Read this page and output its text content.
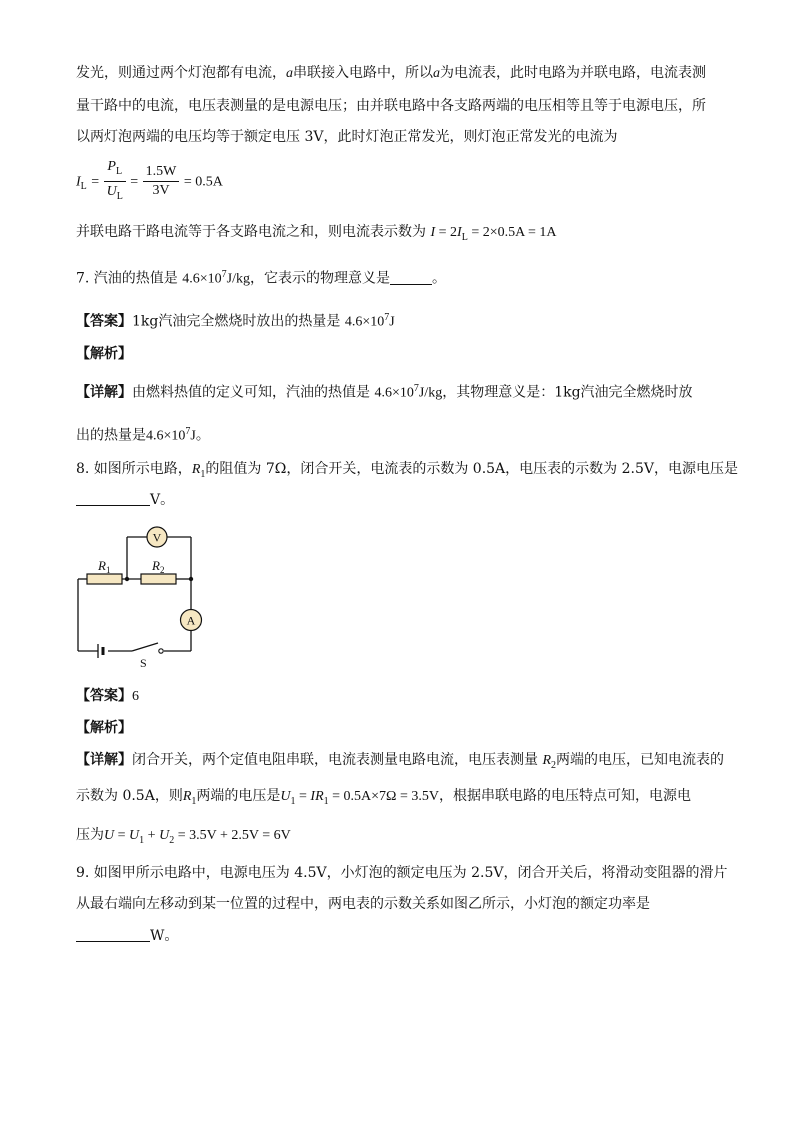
发光，则通过两个灯泡都有电流，a串联接入电路中，所以a为电流表，此时电路为并联电路，电流表测
量干路中的电流，电压表测量的是电源电压；由并联电路中各支路两端的电压相等且等于电源电压，所
以两灯泡两端的电压均等于额定电压 3V，此时灯泡正常发光，则灯泡正常发光的电流为
$I_L = \frac{P_L}{U_L} = \frac{1.5W}{3V} = 0.5A$
并联电路干路电流等于各支路电流之和，则电流表示数为 $I = 2I_L = 2\times 0.5A = 1A$
7. 汽油的热值是 $4.6\times 10^7J/kg$，它表示的物理意义是	。
【答案】1kg汽油完全燃烧时放出的热量是 $4.6\times 10^7J$
【解析】
【详解】由燃料热值的定义可知，汽油的热值是 $4.6\times 10^7J/kg$，其物理意义是：1kg汽油完全燃烧时放
出的热量是$4.6\times 10^7J$。
8. 如图所示电路，$R_1$的阻值为 7Ω，闭合开关，电流表的示数为 0.5A，电压表的示数为 2.5V，电源电压是
V。
V
A
$R_1$	$R_2$
S
【答案】6
【解析】
【详解】闭合开关，两个定值电阻串联，电流表测量电路电流，电压表测量 $R_2$两端的电压，已知电流表的
示数为 0.5A，则$R_1$两端的电压是$U_1 = IR_1 = 0.5A\times 7\Omega = 3.5V$，根据串联电路的电压特点可知，电源电
压为$U = U_1 + U_2 = 3.5V + 2.5V = 6V$
9. 如图甲所示电路中，电源电压为 4.5V，小灯泡的额定电压为 2.5V，闭合开关后，将滑动变阻器的滑片
从最右端向左移动到某一位置的过程中，两电表的示数关系如图乙所示，小灯泡的额定功率是
W。
